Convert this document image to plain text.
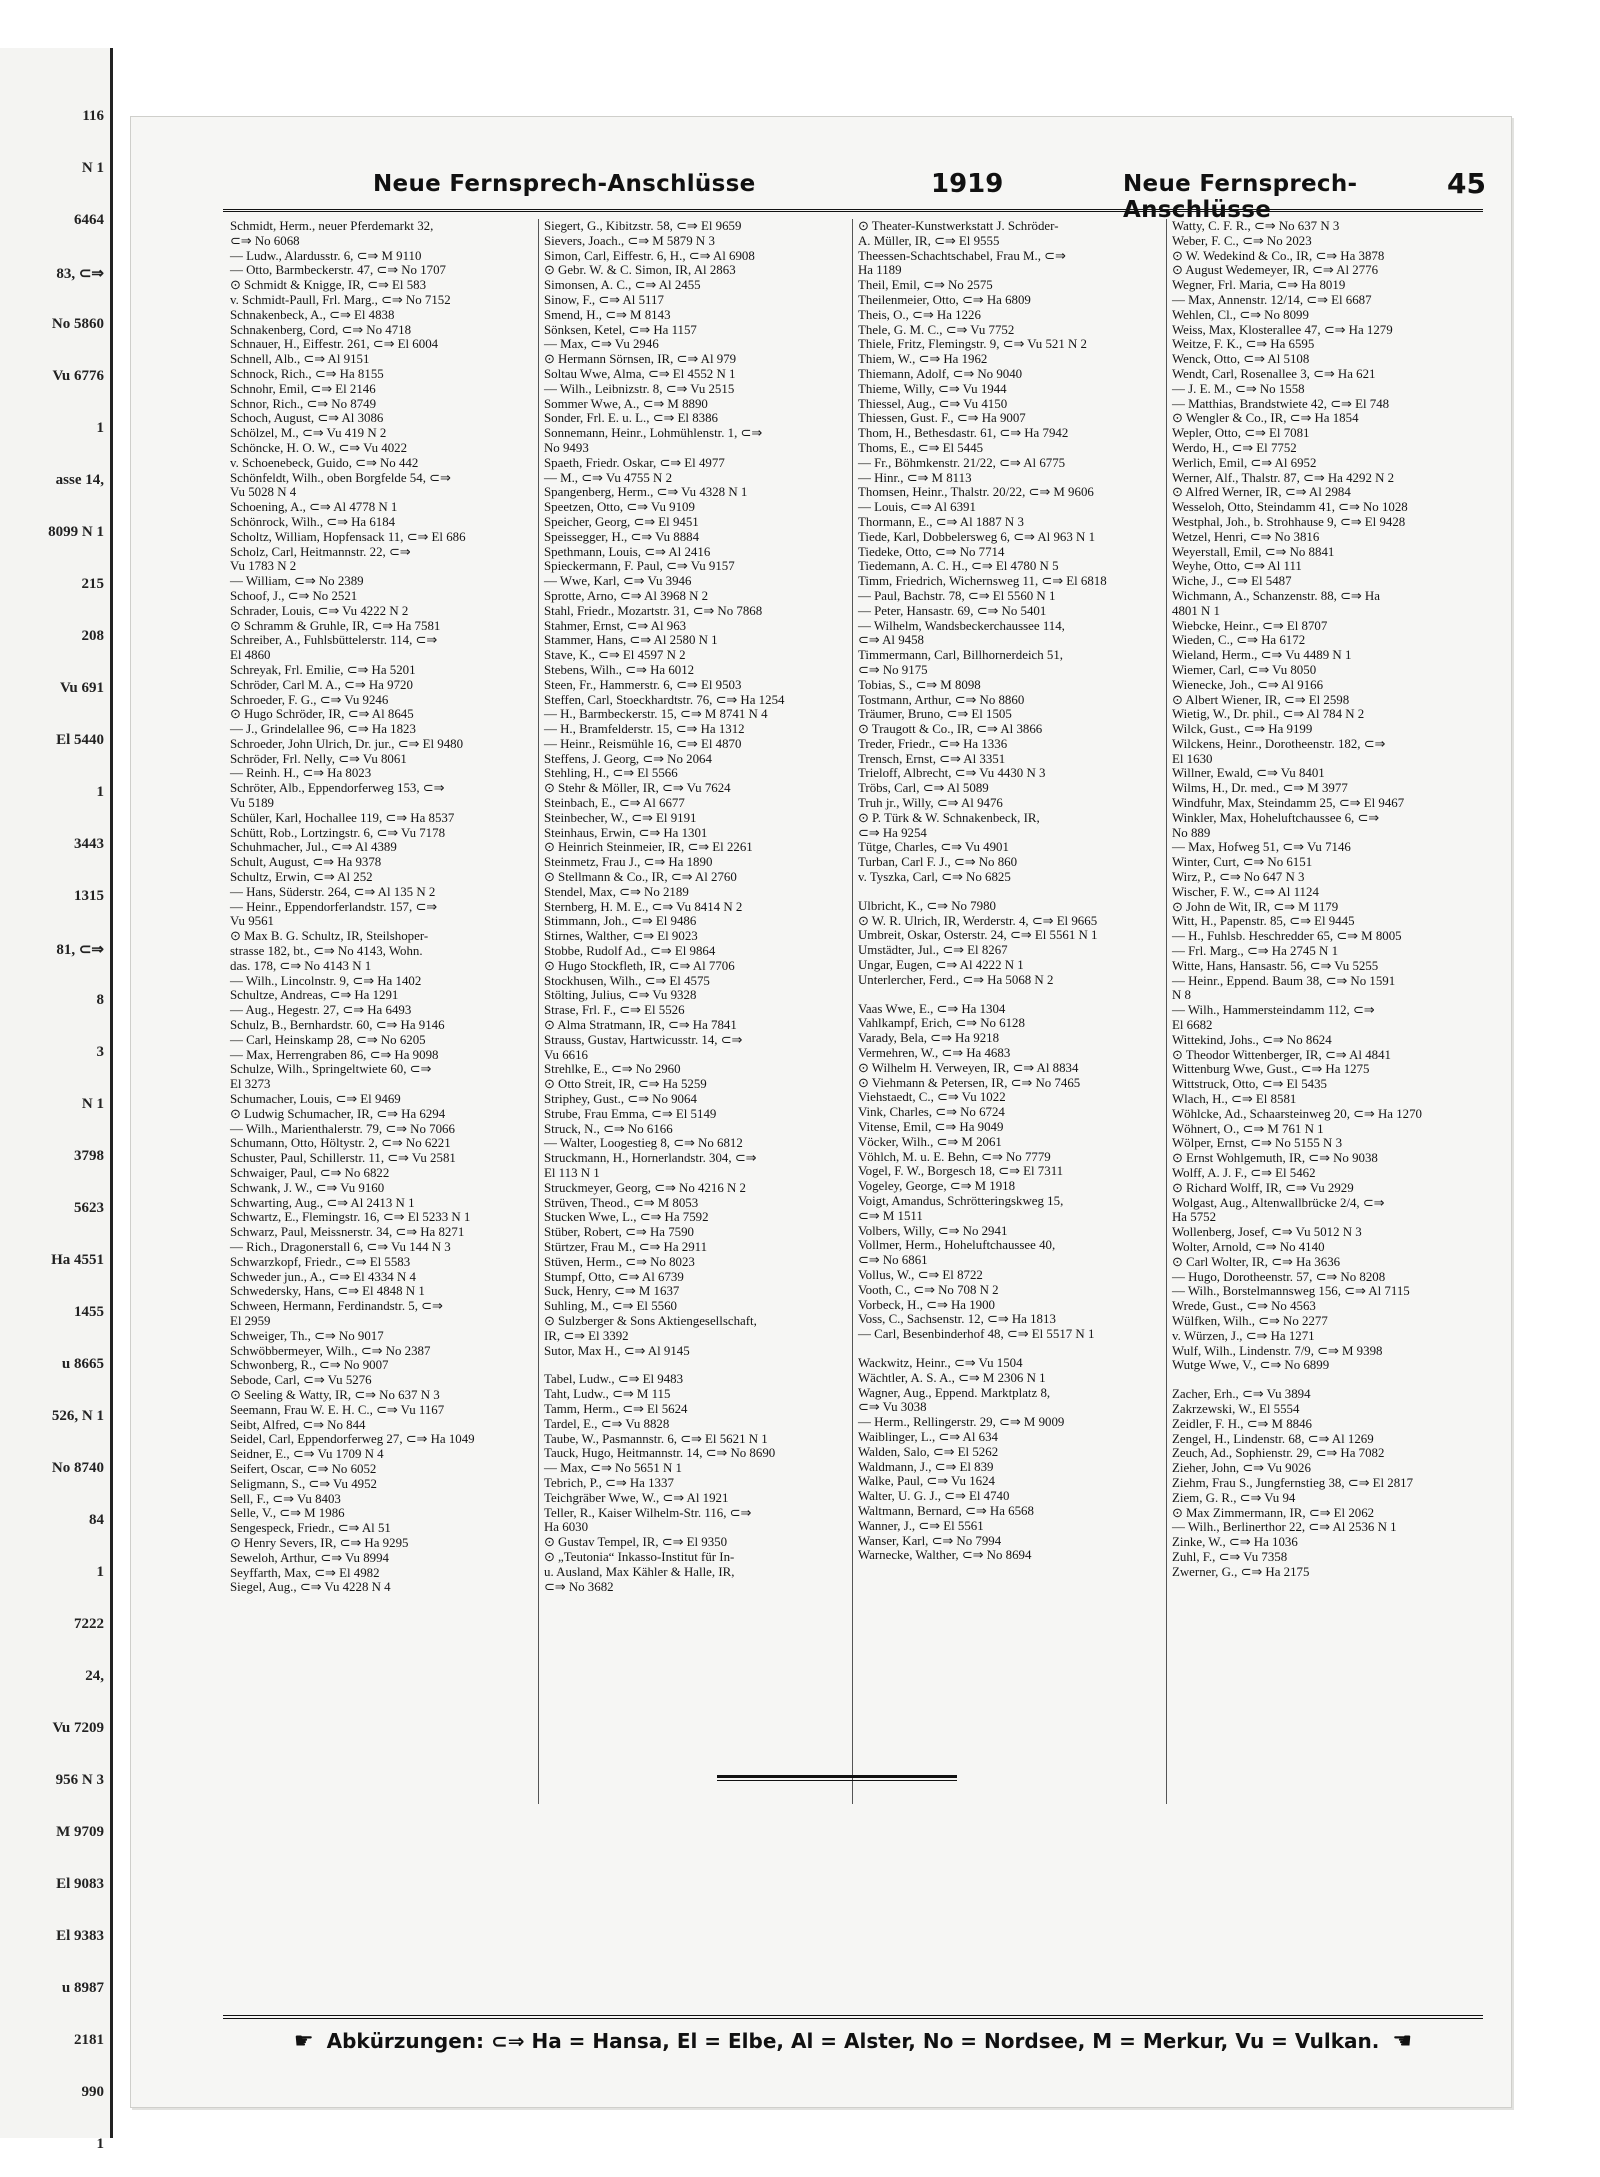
116
N 1
6464
83, ⊂⇒
No 5860
Vu 6776
1
asse 14,
8099 N 1
215
208
Vu 691
El 5440
1
3443
1315
81, ⊂⇒
8
3
N 1
3798
5623
Ha 4551
1455
u 8665
526, N 1
No 8740
84
1
7222
24,
Vu 7209
956 N 3
M 9709
El 9083
El 9383
u 8987
2181
990
1
Neue Fernsprech-Anschlüsse	1919	Neue Fernsprech-Anschlüsse
45
Schmidt, Herm., neuer Pferdemarkt 32,
⊂⇒ No 6068
— Ludw., Alardusstr. 6, ⊂⇒ M 9110
— Otto, Barmbeckerstr. 47, ⊂⇒ No 1707
⊙ Schmidt & Knigge, IR, ⊂⇒ El 583
v. Schmidt-Paull, Frl. Marg., ⊂⇒ No 7152
Schnakenbeck, A., ⊂⇒ El 4838
Schnakenberg, Cord, ⊂⇒ No 4718
Schnauer, H., Eiffestr. 261, ⊂⇒ El 6004
Schnell, Alb., ⊂⇒ Al 9151
Schnock, Rich., ⊂⇒ Ha 8155
Schnohr, Emil, ⊂⇒ El 2146
Schnor, Rich., ⊂⇒ No 8749
Schoch, August, ⊂⇒ Al 3086
Schölzel, M., ⊂⇒ Vu 419 N 2
Schöncke, H. O. W., ⊂⇒ Vu 4022
v. Schoenebeck, Guido, ⊂⇒ No 442
Schönfeldt, Wilh., oben Borgfelde 54, ⊂⇒
Vu 5028 N 4
Schoening, A., ⊂⇒ Al 4778 N 1
Schönrock, Wilh., ⊂⇒ Ha 6184
Scholtz, William, Hopfensack 11, ⊂⇒ El 686
Scholz, Carl, Heitmannstr. 22, ⊂⇒
Vu 1783 N 2
— William, ⊂⇒ No 2389
Schoof, J., ⊂⇒ No 2521
Schrader, Louis, ⊂⇒ Vu 4222 N 2
⊙ Schramm & Gruhle, IR, ⊂⇒ Ha 7581
Schreiber, A., Fuhlsbüttelerstr. 114, ⊂⇒
El 4860
Schreyak, Frl. Emilie, ⊂⇒ Ha 5201
Schröder, Carl M. A., ⊂⇒ Ha 9720
Schroeder, F. G., ⊂⇒ Vu 9246
⊙ Hugo Schröder, IR, ⊂⇒ Al 8645
— J., Grindelallee 96, ⊂⇒ Ha 1823
Schroeder, John Ulrich, Dr. jur., ⊂⇒ El 9480
Schröder, Frl. Nelly, ⊂⇒ Vu 8061
— Reinh. H., ⊂⇒ Ha 8023
Schröter, Alb., Eppendorferweg 153, ⊂⇒
Vu 5189
Schüler, Karl, Hochallee 119, ⊂⇒ Ha 8537
Schütt, Rob., Lortzingstr. 6, ⊂⇒ Vu 7178
Schuhmacher, Jul., ⊂⇒ Al 4389
Schult, August, ⊂⇒ Ha 9378
Schultz, Erwin, ⊂⇒ Al 252
— Hans, Süderstr. 264, ⊂⇒ Al 135 N 2
— Heinr., Eppendorferlandstr. 157, ⊂⇒
Vu 9561
⊙ Max B. G. Schultz, IR, Steilshoper-
strasse 182, bt., ⊂⇒ No 4143, Wohn.
das. 178, ⊂⇒ No 4143 N 1
— Wilh., Lincolnstr. 9, ⊂⇒ Ha 1402
Schultze, Andreas, ⊂⇒ Ha 1291
— Aug., Hegestr. 27, ⊂⇒ Ha 6493
Schulz, B., Bernhardstr. 60, ⊂⇒ Ha 9146
— Carl, Heinskamp 28, ⊂⇒ No 6205
— Max, Herrengraben 86, ⊂⇒ Ha 9098
Schulze, Wilh., Springeltwiete 60, ⊂⇒
El 3273
Schumacher, Louis, ⊂⇒ El 9469
⊙ Ludwig Schumacher, IR, ⊂⇒ Ha 6294
— Wilh., Marienthalerstr. 79, ⊂⇒ No 7066
Schumann, Otto, Höltystr. 2, ⊂⇒ No 6221
Schuster, Paul, Schillerstr. 11, ⊂⇒ Vu 2581
Schwaiger, Paul, ⊂⇒ No 6822
Schwank, J. W., ⊂⇒ Vu 9160
Schwarting, Aug., ⊂⇒ Al 2413 N 1
Schwartz, E., Flemingstr. 16, ⊂⇒ El 5233 N 1
Schwarz, Paul, Meissnerstr. 34, ⊂⇒ Ha 8271
— Rich., Dragonerstall 6, ⊂⇒ Vu 144 N 3
Schwarzkopf, Friedr., ⊂⇒ El 5583
Schweder jun., A., ⊂⇒ El 4334 N 4
Schwedersky, Hans, ⊂⇒ El 4848 N 1
Schween, Hermann, Ferdinandstr. 5, ⊂⇒
El 2959
Schweiger, Th., ⊂⇒ No 9017
Schwöbbermeyer, Wilh., ⊂⇒ No 2387
Schwonberg, R., ⊂⇒ No 9007
Sebode, Carl, ⊂⇒ Vu 5276
⊙ Seeling & Watty, IR, ⊂⇒ No 637 N 3
Seemann, Frau W. E. H. C., ⊂⇒ Vu 1167
Seibt, Alfred, ⊂⇒ No 844
Seidel, Carl, Eppendorferweg 27, ⊂⇒ Ha 1049
Seidner, E., ⊂⇒ Vu 1709 N 4
Seifert, Oscar, ⊂⇒ No 6052
Seligmann, S., ⊂⇒ Vu 4952
Sell, F., ⊂⇒ Vu 8403
Selle, V., ⊂⇒ M 1986
Sengespeck, Friedr., ⊂⇒ Al 51
⊙ Henry Severs, IR, ⊂⇒ Ha 9295
Seweloh, Arthur, ⊂⇒ Vu 8994
Seyffarth, Max, ⊂⇒ El 4982
Siegel, Aug., ⊂⇒ Vu 4228 N 4
Siegert, G., Kibitzstr. 58, ⊂⇒ El 9659
Sievers, Joach., ⊂⇒ M 5879 N 3
Simon, Carl, Eiffestr. 6, H., ⊂⇒ Al 6908
⊙ Gebr. W. & C. Simon, IR, Al 2863
Simonsen, A. C., ⊂⇒ Al 2455
Sinow, F., ⊂⇒ Al 5117
Smend, H., ⊂⇒ M 8143
Sönksen, Ketel, ⊂⇒ Ha 1157
— Max, ⊂⇒ Vu 2946
⊙ Hermann Sörnsen, IR, ⊂⇒ Al 979
Soltau Wwe, Alma, ⊂⇒ El 4552 N 1
— Wilh., Leibnizstr. 8, ⊂⇒ Vu 2515
Sommer Wwe, A., ⊂⇒ M 8890
Sonder, Frl. E. u. L., ⊂⇒ El 8386
Sonnemann, Heinr., Lohmühlenstr. 1, ⊂⇒
No 9493
Spaeth, Friedr. Oskar, ⊂⇒ El 4977
— M., ⊂⇒ Vu 4755 N 2
Spangenberg, Herm., ⊂⇒ Vu 4328 N 1
Speetzen, Otto, ⊂⇒ Vu 9109
Speicher, Georg, ⊂⇒ El 9451
Speissegger, H., ⊂⇒ Vu 8884
Spethmann, Louis, ⊂⇒ Al 2416
Spieckermann, F. Paul, ⊂⇒ Vu 9157
— Wwe, Karl, ⊂⇒ Vu 3946
Sprotte, Arno, ⊂⇒ Al 3968 N 2
Stahl, Friedr., Mozartstr. 31, ⊂⇒ No 7868
Stahmer, Ernst, ⊂⇒ Al 963
Stammer, Hans, ⊂⇒ Al 2580 N 1
Stave, K., ⊂⇒ El 4597 N 2
Stebens, Wilh., ⊂⇒ Ha 6012
Steen, Fr., Hammerstr. 6, ⊂⇒ El 9503
Steffen, Carl, Stoeckhardtstr. 76, ⊂⇒ Ha 1254
— H., Barmbeckerstr. 15, ⊂⇒ M 8741 N 4
— H., Bramfelderstr. 15, ⊂⇒ Ha 1312
— Heinr., Reismühle 16, ⊂⇒ El 4870
Steffens, J. Georg, ⊂⇒ No 2064
Stehling, H., ⊂⇒ El 5566
⊙ Stehr & Möller, IR, ⊂⇒ Vu 7624
Steinbach, E., ⊂⇒ Al 6677
Steinbecher, W., ⊂⇒ El 9191
Steinhaus, Erwin, ⊂⇒ Ha 1301
⊙ Heinrich Steinmeier, IR, ⊂⇒ El 2261
Steinmetz, Frau J., ⊂⇒ Ha 1890
⊙ Stellmann & Co., IR, ⊂⇒ Al 2760
Stendel, Max, ⊂⇒ No 2189
Sternberg, H. M. E., ⊂⇒ Vu 8414 N 2
Stimmann, Joh., ⊂⇒ El 9486
Stirnes, Walther, ⊂⇒ El 9023
Stobbe, Rudolf Ad., ⊂⇒ El 9864
⊙ Hugo Stockfleth, IR, ⊂⇒ Al 7706
Stockhusen, Wilh., ⊂⇒ El 4575
Stölting, Julius, ⊂⇒ Vu 9328
Strase, Frl. F., ⊂⇒ El 5526
⊙ Alma Stratmann, IR, ⊂⇒ Ha 7841
Strauss, Gustav, Hartwicusstr. 14, ⊂⇒
Vu 6616
Strehlke, E., ⊂⇒ No 2960
⊙ Otto Streit, IR, ⊂⇒ Ha 5259
Striphey, Gust., ⊂⇒ No 9064
Strube, Frau Emma, ⊂⇒ El 5149
Struck, N., ⊂⇒ No 6166
— Walter, Loogestieg 8, ⊂⇒ No 6812
Struckmann, H., Hornerlandstr. 304, ⊂⇒
El 113 N 1
Struckmeyer, Georg, ⊂⇒ No 4216 N 2
Strüven, Theod., ⊂⇒ M 8053
Stucken Wwe, L., ⊂⇒ Ha 7592
Stüber, Robert, ⊂⇒ Ha 7590
Stürtzer, Frau M., ⊂⇒ Ha 2911
Stüven, Herm., ⊂⇒ No 8023
Stumpf, Otto, ⊂⇒ Al 6739
Suck, Henry, ⊂⇒ M 1637
Suhling, M., ⊂⇒ El 5560
⊙ Sulzberger & Sons Aktiengesellschaft,
IR, ⊂⇒ El 3392
Sutor, Max H., ⊂⇒ Al 9145
Tabel, Ludw., ⊂⇒ El 9483
Taht, Ludw., ⊂⇒ M 115
Tamm, Herm., ⊂⇒ El 5624
Tardel, E., ⊂⇒ Vu 8828
Taube, W., Pasmannstr. 6, ⊂⇒ El 5621 N 1
Tauck, Hugo, Heitmannstr. 14, ⊂⇒ No 8690
— Max, ⊂⇒ No 5651 N 1
Tebrich, P., ⊂⇒ Ha 1337
Teichgräber Wwe, W., ⊂⇒ Al 1921
Teller, R., Kaiser Wilhelm-Str. 116, ⊂⇒
Ha 6030
⊙ Gustav Tempel, IR, ⊂⇒ El 9350
⊙ „Teutonia“ Inkasso-Institut für In-
u. Ausland, Max Kähler & Halle, IR,
⊂⇒ No 3682
⊙ Theater-Kunstwerkstatt J. Schröder-
A. Müller, IR, ⊂⇒ El 9555
Theessen-Schachtschabel, Frau M., ⊂⇒
Ha 1189
Theil, Emil, ⊂⇒ No 2575
Theilenmeier, Otto, ⊂⇒ Ha 6809
Theis, O., ⊂⇒ Ha 1226
Thele, G. M. C., ⊂⇒ Vu 7752
Thiele, Fritz, Flemingstr. 9, ⊂⇒ Vu 521 N 2
Thiem, W., ⊂⇒ Ha 1962
Thiemann, Adolf, ⊂⇒ No 9040
Thieme, Willy, ⊂⇒ Vu 1944
Thiessel, Aug., ⊂⇒ Vu 4150
Thiessen, Gust. F., ⊂⇒ Ha 9007
Thom, H., Bethesdastr. 61, ⊂⇒ Ha 7942
Thoms, E., ⊂⇒ El 5445
— Fr., Böhmkenstr. 21/22, ⊂⇒ Al 6775
— Hinr., ⊂⇒ M 8113
Thomsen, Heinr., Thalstr. 20/22, ⊂⇒ M 9606
— Louis, ⊂⇒ Al 6391
Thormann, E., ⊂⇒ Al 1887 N 3
Tiede, Karl, Dobbelersweg 6, ⊂⇒ Al 963 N 1
Tiedeke, Otto, ⊂⇒ No 7714
Tiedemann, A. C. H., ⊂⇒ El 4780 N 5
Timm, Friedrich, Wichernsweg 11, ⊂⇒ El 6818
— Paul, Bachstr. 78, ⊂⇒ El 5560 N 1
— Peter, Hansastr. 69, ⊂⇒ No 5401
— Wilhelm, Wandsbeckerchaussee 114,
⊂⇒ Al 9458
Timmermann, Carl, Billhornerdeich 51,
⊂⇒ No 9175
Tobias, S., ⊂⇒ M 8098
Tostmann, Arthur, ⊂⇒ No 8860
Träumer, Bruno, ⊂⇒ El 1505
⊙ Traugott & Co., IR, ⊂⇒ Al 3866
Treder, Friedr., ⊂⇒ Ha 1336
Trensch, Ernst, ⊂⇒ Al 3351
Trieloff, Albrecht, ⊂⇒ Vu 4430 N 3
Tröbs, Carl, ⊂⇒ Al 5089
Truh jr., Willy, ⊂⇒ Al 9476
⊙ P. Türk & W. Schnakenbeck, IR,
⊂⇒ Ha 9254
Tütge, Charles, ⊂⇒ Vu 4901
Turban, Carl F. J., ⊂⇒ No 860
v. Tyszka, Carl, ⊂⇒ No 6825
Ulbricht, K., ⊂⇒ No 7980
⊙ W. R. Ulrich, IR, Werderstr. 4, ⊂⇒ El 9665
Umbreit, Oskar, Osterstr. 24, ⊂⇒ El 5561 N 1
Umstädter, Jul., ⊂⇒ El 8267
Ungar, Eugen, ⊂⇒ Al 4222 N 1
Unterlercher, Ferd., ⊂⇒ Ha 5068 N 2
Vaas Wwe, E., ⊂⇒ Ha 1304
Vahlkampf, Erich, ⊂⇒ No 6128
Varady, Bela, ⊂⇒ Ha 9218
Vermehren, W., ⊂⇒ Ha 4683
⊙ Wilhelm H. Verweyen, IR, ⊂⇒ Al 8834
⊙ Viehmann & Petersen, IR, ⊂⇒ No 7465
Viehstaedt, C., ⊂⇒ Vu 1022
Vink, Charles, ⊂⇒ No 6724
Vitense, Emil, ⊂⇒ Ha 9049
Vöcker, Wilh., ⊂⇒ M 2061
Vöhlch, M. u. E. Behn, ⊂⇒ No 7779
Vogel, F. W., Borgesch 18, ⊂⇒ El 7311
Vogeley, George, ⊂⇒ M 1918
Voigt, Amandus, Schrötteringskweg 15,
⊂⇒ M 1511
Volbers, Willy, ⊂⇒ No 2941
Vollmer, Herm., Hoheluftchaussee 40,
⊂⇒ No 6861
Vollus, W., ⊂⇒ El 8722
Vooth, C., ⊂⇒ No 708 N 2
Vorbeck, H., ⊂⇒ Ha 1900
Voss, C., Sachsenstr. 12, ⊂⇒ Ha 1813
— Carl, Besenbinderhof 48, ⊂⇒ El 5517 N 1
Wackwitz, Heinr., ⊂⇒ Vu 1504
Wächtler, A. S. A., ⊂⇒ M 2306 N 1
Wagner, Aug., Eppend. Marktplatz 8,
⊂⇒ Vu 3038
— Herm., Rellingerstr. 29, ⊂⇒ M 9009
Waiblinger, L., ⊂⇒ Al 634
Walden, Salo, ⊂⇒ El 5262
Waldmann, J., ⊂⇒ El 839
Walke, Paul, ⊂⇒ Vu 1624
Walter, U. G. J., ⊂⇒ El 4740
Waltmann, Bernard, ⊂⇒ Ha 6568
Wanner, J., ⊂⇒ El 5561
Wanser, Karl, ⊂⇒ No 7994
Warnecke, Walther, ⊂⇒ No 8694
Watty, C. F. R., ⊂⇒ No 637 N 3
Weber, F. C., ⊂⇒ No 2023
⊙ W. Wedekind & Co., IR, ⊂⇒ Ha 3878
⊙ August Wedemeyer, IR, ⊂⇒ Al 2776
Wegner, Frl. Maria, ⊂⇒ Ha 8019
— Max, Annenstr. 12/14, ⊂⇒ El 6687
Wehlen, Cl., ⊂⇒ No 8099
Weiss, Max, Klosterallee 47, ⊂⇒ Ha 1279
Weitze, F. K., ⊂⇒ Ha 6595
Wenck, Otto, ⊂⇒ Al 5108
Wendt, Carl, Rosenallee 3, ⊂⇒ Ha 621
— J. E. M., ⊂⇒ No 1558
— Matthias, Brandstwiete 42, ⊂⇒ El 748
⊙ Wengler & Co., IR, ⊂⇒ Ha 1854
Wepler, Otto, ⊂⇒ El 7081
Werdo, H., ⊂⇒ El 7752
Werlich, Emil, ⊂⇒ Al 6952
Werner, Alf., Thalstr. 87, ⊂⇒ Ha 4292 N 2
⊙ Alfred Werner, IR, ⊂⇒ Al 2984
Wesseloh, Otto, Steindamm 41, ⊂⇒ No 1028
Westphal, Joh., b. Strohhause 9, ⊂⇒ El 9428
Wetzel, Henri, ⊂⇒ No 3816
Weyerstall, Emil, ⊂⇒ No 8841
Weyhe, Otto, ⊂⇒ Al 111
Wiche, J., ⊂⇒ El 5487
Wichmann, A., Schanzenstr. 88, ⊂⇒ Ha
4801 N 1
Wiebcke, Heinr., ⊂⇒ El 8707
Wieden, C., ⊂⇒ Ha 6172
Wieland, Herm., ⊂⇒ Vu 4489 N 1
Wiemer, Carl, ⊂⇒ Vu 8050
Wienecke, Joh., ⊂⇒ Al 9166
⊙ Albert Wiener, IR, ⊂⇒ El 2598
Wietig, W., Dr. phil., ⊂⇒ Al 784 N 2
Wilck, Gust., ⊂⇒ Ha 9199
Wilckens, Heinr., Dorotheenstr. 182, ⊂⇒
El 1630
Willner, Ewald, ⊂⇒ Vu 8401
Wilms, H., Dr. med., ⊂⇒ M 3977
Windfuhr, Max, Steindamm 25, ⊂⇒ El 9467
Winkler, Max, Hoheluftchaussee 6, ⊂⇒
No 889
— Max, Hofweg 51, ⊂⇒ Vu 7146
Winter, Curt, ⊂⇒ No 6151
Wirz, P., ⊂⇒ No 647 N 3
Wischer, F. W., ⊂⇒ Al 1124
⊙ John de Wit, IR, ⊂⇒ M 1179
Witt, H., Papenstr. 85, ⊂⇒ El 9445
— H., Fuhlsb. Heschredder 65, ⊂⇒ M 8005
— Frl. Marg., ⊂⇒ Ha 2745 N 1
Witte, Hans, Hansastr. 56, ⊂⇒ Vu 5255
— Heinr., Eppend. Baum 38, ⊂⇒ No 1591
N 8
— Wilh., Hammersteindamm 112, ⊂⇒
El 6682
Wittekind, Johs., ⊂⇒ No 8624
⊙ Theodor Wittenberger, IR, ⊂⇒ Al 4841
Wittenburg Wwe, Gust., ⊂⇒ Ha 1275
Wittstruck, Otto, ⊂⇒ El 5435
Wlach, H., ⊂⇒ El 8581
Wöhlcke, Ad., Schaarsteinweg 20, ⊂⇒ Ha 1270
Wöhnert, O., ⊂⇒ M 761 N 1
Wölper, Ernst, ⊂⇒ No 5155 N 3
⊙ Ernst Wohlgemuth, IR, ⊂⇒ No 9038
Wolff, A. J. F., ⊂⇒ El 5462
⊙ Richard Wolff, IR, ⊂⇒ Vu 2929
Wolgast, Aug., Altenwallbrücke 2/4, ⊂⇒
Ha 5752
Wollenberg, Josef, ⊂⇒ Vu 5012 N 3
Wolter, Arnold, ⊂⇒ No 4140
⊙ Carl Wolter, IR, ⊂⇒ Ha 3636
— Hugo, Dorotheenstr. 57, ⊂⇒ No 8208
— Wilh., Borstelmannsweg 156, ⊂⇒ Al 7115
Wrede, Gust., ⊂⇒ No 4563
Wülfken, Wilh., ⊂⇒ No 2277
v. Würzen, J., ⊂⇒ Ha 1271
Wulf, Wilh., Lindenstr. 7/9, ⊂⇒ M 9398
Wutge Wwe, V., ⊂⇒ No 6899
Zacher, Erh., ⊂⇒ Vu 3894
Zakrzewski, W., El 5554
Zeidler, F. H., ⊂⇒ M 8846
Zengel, H., Lindenstr. 68, ⊂⇒ Al 1269
Zeuch, Ad., Sophienstr. 29, ⊂⇒ Ha 7082
Zieher, John, ⊂⇒ Vu 9026
Ziehm, Frau S., Jungfernstieg 38, ⊂⇒ El 2817
Ziem, G. R., ⊂⇒ Vu 94
⊙ Max Zimmermann, IR, ⊂⇒ El 2062
— Wilh., Berlinerthor 22, ⊂⇒ Al 2536 N 1
Zinke, W., ⊂⇒ Ha 1036
Zuhl, F., ⊂⇒ Vu 7358
Zwerner, G., ⊂⇒ Ha 2175
☛ Abkürzungen: ⊂⇒ Ha = Hansa, El = Elbe, Al = Alster, No = Nordsee, M = Merkur, Vu = Vulkan. ☚
